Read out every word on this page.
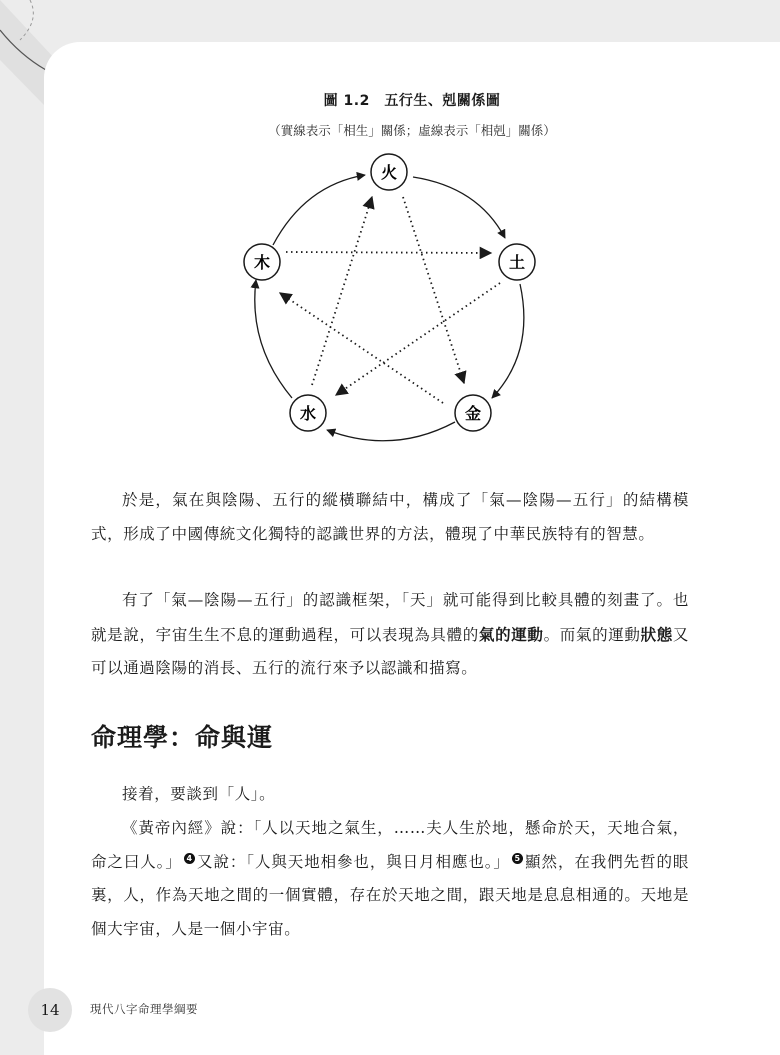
圖 1.2　五行生、剋關係圖
（實線表示「相生」關係；虛線表示「相剋」關係）
火
土
金
水
木

於是，氣在與陰陽、五行的縱橫聯結中，構成了「氣—陰陽—五行」的結構模式，形成了中國傳統文化獨特的認識世界的方法，體現了中華民族特有的智慧。

有了「氣—陰陽—五行」的認識框架，「天」就可能得到比較具體的刻畫了。也就是說，宇宙生生不息的運動過程，可以表現為具體的氣的運動。而氣的運動狀態又可以通過陰陽的消長、五行的流行來予以認識和描寫。

命理學：命與運

接着，要談到「人」。

《黃帝內經》說：「人以天地之氣生，……夫人生於地，懸命於天，天地合氣，命之曰人。」 4 又說：「人與天地相參也，與日月相應也。」 5 顯然，在我們先哲的眼裏，人，作為天地之間的一個實體，存在於天地之間，跟天地是息息相通的。天地是個大宇宙，人是一個小宇宙。

14	現代八字命理學綱要
